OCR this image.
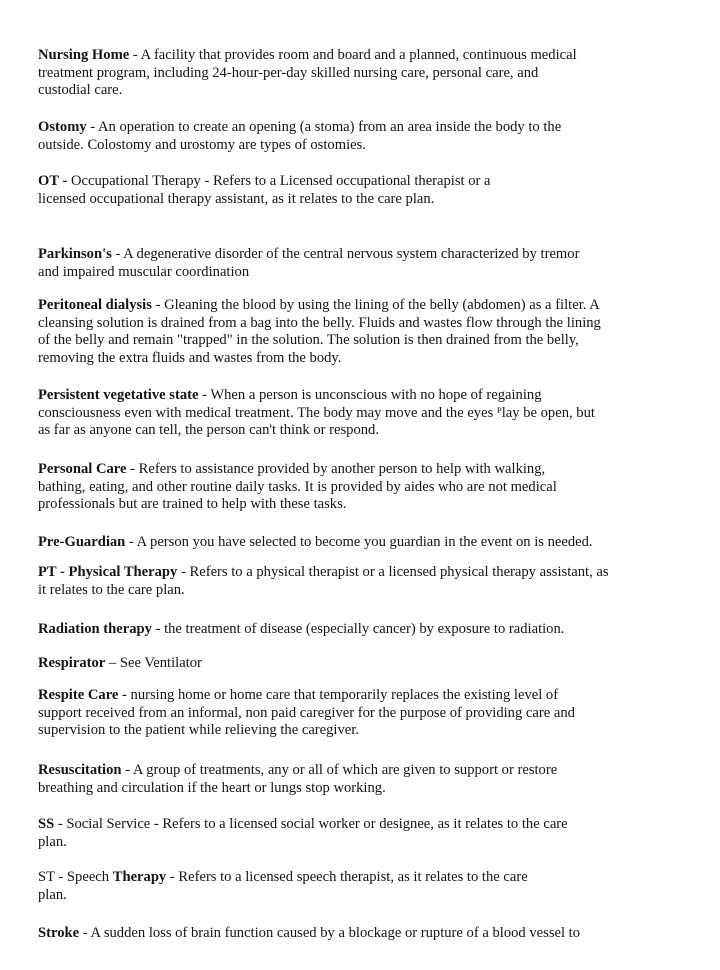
Nursing Home - A facility that provides room and board and a planned, continuous medical
treatment program, including 24-hour-per-day skilled nursing care, personal care, and
custodial care.
Ostomy - An operation to create an opening (a stoma) from an area inside the body to the
outside. Colostomy and urostomy are types of ostomies.
OT - Occupational Therapy - Refers to a Licensed occupational therapist or a
licensed occupational therapy assistant, as it relates to the care plan.
Parkinson's - A degenerative disorder of the central nervous system characterized by tremor
and impaired muscular coordination
Peritoneal dialysis - Gleaning the blood by using the lining of the belly (abdomen) as a filter. A
cleansing solution is drained from a bag into the belly. Fluids and wastes flow through the lining
of the belly and remain "trapped" in the solution. The solution is then drained from the belly,
removing the extra fluids and wastes from the body.
Persistent vegetative state - When a person is unconscious with no hope of regaining
consciousness even with medical treatment. The body may move and the eyes ᴾlay be open, but
as far as anyone can tell, the person can't think or respond.
Personal Care - Refers to assistance provided by another person to help with walking,
bathing, eating, and other routine daily tasks. It is provided by aides who are not medical
professionals but are trained to help with these tasks.
Pre-Guardian - A person you have selected to become you guardian in the event on is needed.
PT - Physical Therapy - Refers to a physical therapist or a licensed physical therapy assistant, as
it relates to the care plan.
Radiation therapy - the treatment of disease (especially cancer) by exposure to radiation.
Respirator – See Ventilator
Respite Care - nursing home or home care that temporarily replaces the existing level of
support received from an informal, non paid caregiver for the purpose of providing care and
supervision to the patient while relieving the caregiver.
Resuscitation - A group of treatments, any or all of which are given to support or restore
breathing and circulation if the heart or lungs stop working.
SS - Social Service - Refers to a licensed social worker or designee, as it relates to the care
plan.
ST - Speech Therapy - Refers to a licensed speech therapist, as it relates to the care
plan.
Stroke - A sudden loss of brain function caused by a blockage or rupture of a blood vessel to
